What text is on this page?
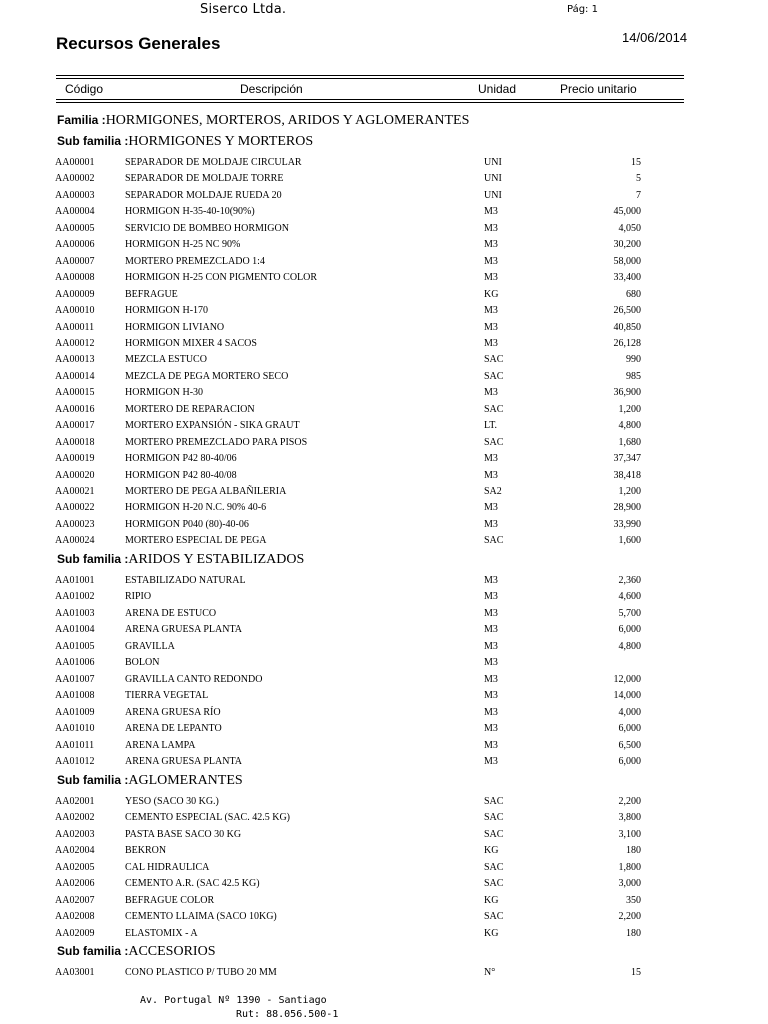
Siserco Ltda.	Pág: 1
Recursos Generales	14/06/2014
Código	Descripción	Unidad	Precio unitario
Familia :HORMIGONES, MORTEROS, ARIDOS Y AGLOMERANTES
Sub familia :HORMIGONES Y MORTEROS
AA00001	SEPARADOR DE MOLDAJE CIRCULAR	UNI	15
AA00002	SEPARADOR DE MOLDAJE TORRE	UNI	5
AA00003	SEPARADOR MOLDAJE RUEDA 20	UNI	7
AA00004	HORMIGON H-35-40-10(90%)	M3	45,000
AA00005	SERVICIO DE BOMBEO HORMIGON	M3	4,050
AA00006	HORMIGON H-25 NC 90%	M3	30,200
AA00007	MORTERO PREMEZCLADO 1:4	M3	58,000
AA00008	HORMIGON H-25 CON PIGMENTO COLOR	M3	33,400
AA00009	BEFRAGUE	KG	680
AA00010	HORMIGON H-170	M3	26,500
AA00011	HORMIGON LIVIANO	M3	40,850
AA00012	HORMIGON MIXER 4 SACOS	M3	26,128
AA00013	MEZCLA ESTUCO	SAC	990
AA00014	MEZCLA DE PEGA MORTERO SECO	SAC	985
AA00015	HORMIGON H-30	M3	36,900
AA00016	MORTERO DE REPARACION	SAC	1,200
AA00017	MORTERO EXPANSIÓN - SIKA GRAUT	LT.	4,800
AA00018	MORTERO PREMEZCLADO PARA PISOS	SAC	1,680
AA00019	HORMIGON P42 80-40/06	M3	37,347
AA00020	HORMIGON P42 80-40/08	M3	38,418
AA00021	MORTERO DE PEGA ALBAÑILERIA	SA2	1,200
AA00022	HORMIGON H-20 N.C. 90% 40-6	M3	28,900
AA00023	HORMIGON P040 (80)-40-06	M3	33,990
AA00024	MORTERO ESPECIAL DE PEGA	SAC	1,600
Sub familia :ARIDOS Y ESTABILIZADOS
AA01001	ESTABILIZADO NATURAL	M3	2,360
AA01002	RIPIO	M3	4,600
AA01003	ARENA DE ESTUCO	M3	5,700
AA01004	ARENA GRUESA PLANTA	M3	6,000
AA01005	GRAVILLA	M3	4,800
AA01006	BOLON	M3
AA01007	GRAVILLA CANTO REDONDO	M3	12,000
AA01008	TIERRA VEGETAL	M3	14,000
AA01009	ARENA GRUESA RÍO	M3	4,000
AA01010	ARENA DE LEPANTO	M3	6,000
AA01011	ARENA LAMPA	M3	6,500
AA01012	ARENA GRUESA PLANTA	M3	6,000
Sub familia :AGLOMERANTES
AA02001	YESO (SACO 30 KG.)	SAC	2,200
AA02002	CEMENTO ESPECIAL (SAC. 42.5 KG)	SAC	3,800
AA02003	PASTA BASE SACO 30 KG	SAC	3,100
AA02004	BEKRON	KG	180
AA02005	CAL HIDRAULICA	SAC	1,800
AA02006	CEMENTO A.R. (SAC 42.5 KG)	SAC	3,000
AA02007	BEFRAGUE COLOR	KG	350
AA02008	CEMENTO LLAIMA (SACO 10KG)	SAC	2,200
AA02009	ELASTOMIX - A	KG	180
Sub familia :ACCESORIOS
AA03001	CONO PLASTICO P/ TUBO 20 MM	N°	15
Av. Portugal Nº 1390 - Santiago
Rut: 88.056.500-1
